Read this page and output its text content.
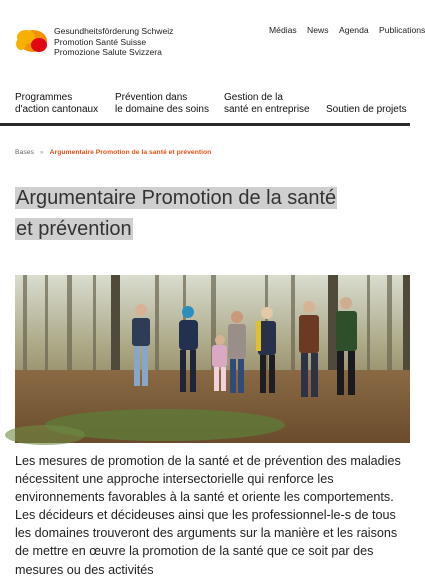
Gesundheitsförderung Schweiz
Promotion Santé Suisse
Promozione Salute Svizzera
Médias News Agenda Publications
Programmes
d'action cantonaux
Prévention dans
le domaine des soins
Gestion de la
santé en entreprise
Soutien de projets
Bases » Argumentaire Promotion de la santé et prévention
Argumentaire Promotion de la santé et prévention

Les mesures de promotion de la santé et de prévention des maladies nécessitent une approche intersectorielle qui renforce les environnements favorables à la santé et oriente les comportements. Les décideurs et décideuses ainsi que les professionnel-le-s de tous les domaines trouveront des arguments sur la manière et les raisons de mettre en œuvre la promotion de la santé que ce soit par des mesures ou des activités
